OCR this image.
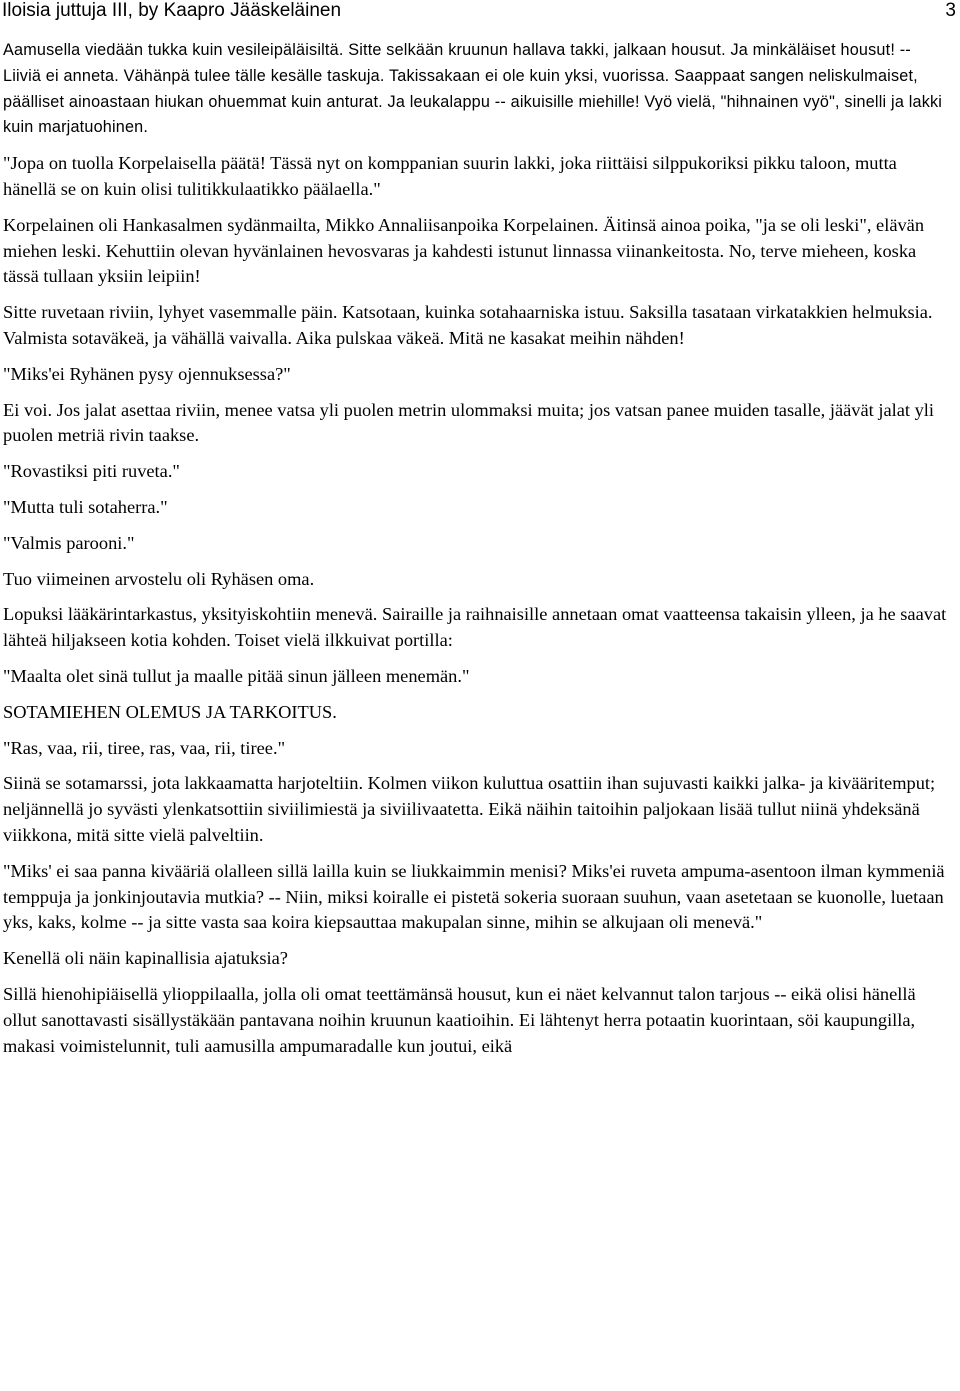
Iloisia juttuja III, by Kaapro Jääskeläinen	3

Aamusella viedään tukka kuin vesileipäläisiltä. Sitte selkään kruunun hallava takki, jalkaan housut. Ja minkäläiset housut! -- Liiviä ei anneta. Vähänpä tulee tälle kesälle taskuja. Takissakaan ei ole kuin yksi, vuorissa. Saappaat sangen neliskulmaiset, päälliset ainoastaan hiukan ohuemmat kuin anturat. Ja leukalappu -- aikuisille miehille! Vyö vielä, "hihnainen vyö", sinelli ja lakki kuin marjatuohinen.

"Jopa on tuolla Korpelaisella päätä! Tässä nyt on komppanian suurin lakki, joka riittäisi silppukoriksi pikku taloon, mutta hänellä se on kuin olisi tulitikkulaatikko päälaella."

Korpelainen oli Hankasalmen sydänmailta, Mikko Annaliisanpoika Korpelainen. Äitinsä ainoa poika, "ja se oli leski", elävän miehen leski. Kehuttiin olevan hyvänlainen hevosvaras ja kahdesti istunut linnassa viinankeitosta. No, terve mieheen, koska tässä tullaan yksiin leipiin!

Sitte ruvetaan riviin, lyhyet vasemmalle päin. Katsotaan, kuinka sotahaarniska istuu. Saksilla tasataan virkatakkien helmuksia. Valmista sotaväkeä, ja vähällä vaivalla. Aika pulskaa väkeä. Mitä ne kasakat meihin nähden!

"Miks'ei Ryhänen pysy ojennuksessa?"

Ei voi. Jos jalat asettaa riviin, menee vatsa yli puolen metrin ulommaksi muita; jos vatsan panee muiden tasalle, jäävät jalat yli puolen metriä rivin taakse.

"Rovastiksi piti ruveta."

"Mutta tuli sotaherra."

"Valmis parooni."

Tuo viimeinen arvostelu oli Ryhäsen oma.

Lopuksi lääkärintarkastus, yksityiskohtiin menevä. Sairaille ja raihnaisille annetaan omat vaatteensa takaisin ylleen, ja he saavat lähteä hiljakseen kotia kohden. Toiset vielä ilkkuivat portilla:

"Maalta olet sinä tullut ja maalle pitää sinun jälleen menemän."

SOTAMIEHEN OLEMUS JA TARKOITUS.

"Ras, vaa, rii, tiree, ras, vaa, rii, tiree."

Siinä se sotamarssi, jota lakkaamatta harjoteltiin. Kolmen viikon kuluttua osattiin ihan sujuvasti kaikki jalka- ja kivääritemput; neljännellä jo syvästi ylenkatsottiin siviilimiestä ja siviilivaatetta. Eikä näihin taitoihin paljokaan lisää tullut niinä yhdeksänä viikkona, mitä sitte vielä palveltiin.

"Miks' ei saa panna kivääriä olalleen sillä lailla kuin se liukkaimmin menisi? Miks'ei ruveta ampuma-asentoon ilman kymmeniä temppuja ja jonkinjoutavia mutkia? -- Niin, miksi koiralle ei pistetä sokeria suoraan suuhun, vaan asetetaan se kuonolle, luetaan yks, kaks, kolme -- ja sitte vasta saa koira kiepsauttaa makupalan sinne, mihin se alkujaan oli menevä."

Kenellä oli näin kapinallisia ajatuksia?

Sillä hienohipiäisellä ylioppilaalla, jolla oli omat teettämänsä housut, kun ei näet kelvannut talon tarjous -- eikä olisi hänellä ollut sanottavasti sisällystäkään pantavana noihin kruunun kaatioihin. Ei lähtenyt herra potaatin kuorintaan, söi kaupungilla, makasi voimistelunnit, tuli aamusilla ampumaradalle kun joutui, eikä
